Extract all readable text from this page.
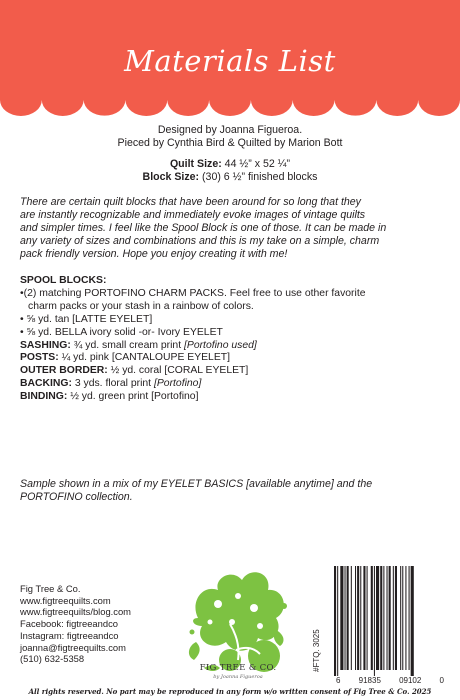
Materials List
Designed by Joanna Figueroa.
Pieced by Cynthia Bird & Quilted by Marion Bott
Quilt Size: 44 ½” x 52 ¼”
Block Size: (30) 6 ½” finished blocks
There are certain quilt blocks that have been around for so long that they
are instantly recognizable and immediately evoke images of vintage quilts
and simpler times. I feel like the Spool Block is one of those. It can be made in
any variety of sizes and combinations and this is my take on a simple, charm
pack friendly version. Hope you enjoy creating it with me!
SPOOL BLOCKS:
•(2) matching PORTOFINO CHARM PACKS. Feel free to use other favorite
charm packs or your stash in a rainbow of colors.
• ⅝ yd. tan [LATTE EYELET]
• ⅝ yd. BELLA ivory solid -or- Ivory EYELET
SASHING: ¾ yd. small cream print [Portofino used]
POSTS: ¼ yd. pink [CANTALOUPE EYELET]
OUTER BORDER: ½ yd. coral [CORAL EYELET]
BACKING: 3 yds. floral print [Portofino]
BINDING: ½ yd. green print [Portofino]
Sample shown in a mix of my EYELET BASICS [available anytime] and the
PORTOFINO collection.
Fig Tree & Co.
www.figtreequilts.com
www.figtreequilts/blog.com
Facebook: figtreeandco
Instagram: figtreeandco
joanna@figtreequilts.com
(510) 632-5358
FIG TREE & CO.
by Joanna Figueroa
#FTQ. 3025
6 91835 09102 0
All rights reserved. No part may be reproduced in any form w/o written consent of Fig Tree & Co. 2025
